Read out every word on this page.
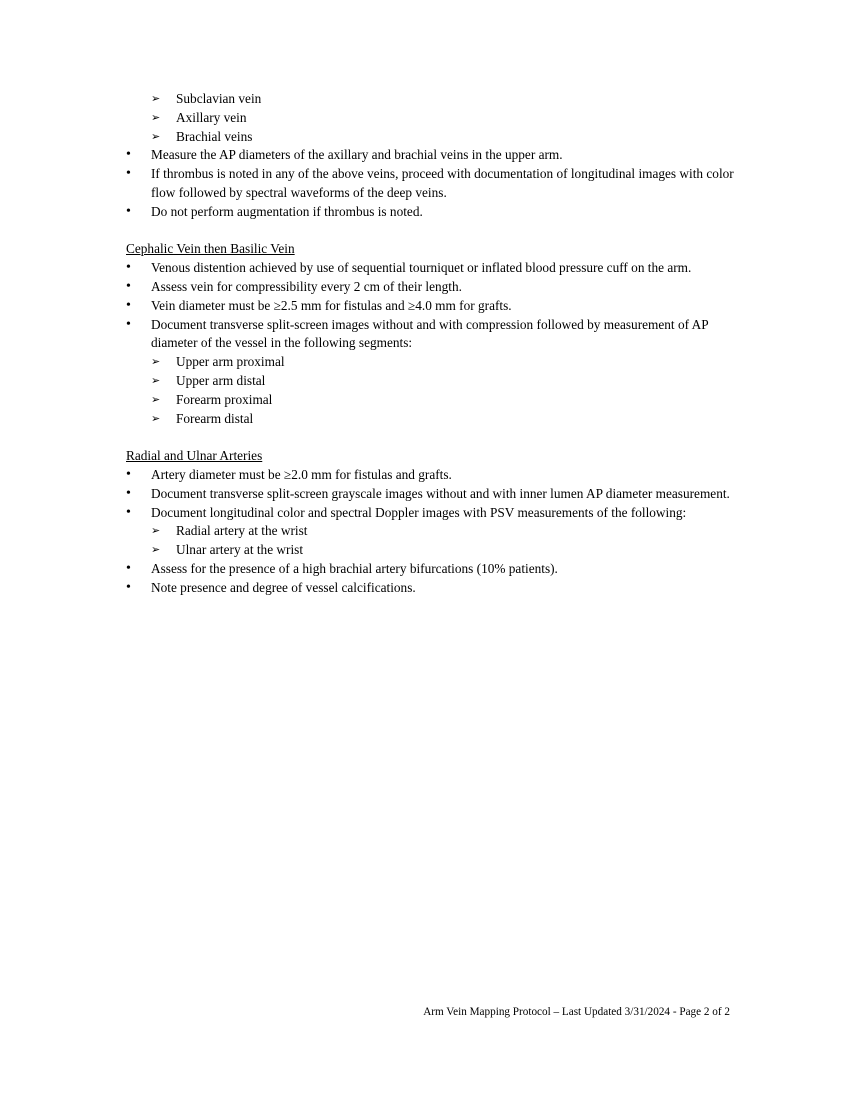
➢ Subclavian vein
➢ Axillary vein
➢ Brachial veins
• Measure the AP diameters of the axillary and brachial veins in the upper arm.
• If thrombus is noted in any of the above veins, proceed with documentation of longitudinal images with color flow followed by spectral waveforms of the deep veins.
• Do not perform augmentation if thrombus is noted.
Cephalic Vein then Basilic Vein
• Venous distention achieved by use of sequential tourniquet or inflated blood pressure cuff on the arm.
• Assess vein for compressibility every 2 cm of their length.
• Vein diameter must be ≥2.5 mm for fistulas and ≥4.0 mm for grafts.
• Document transverse split-screen images without and with compression followed by measurement of AP diameter of the vessel in the following segments:
➢ Upper arm proximal
➢ Upper arm distal
➢ Forearm proximal
➢ Forearm distal
Radial and Ulnar Arteries
• Artery diameter must be ≥2.0 mm for fistulas and grafts.
• Document transverse split-screen grayscale images without and with inner lumen AP diameter measurement.
• Document longitudinal color and spectral Doppler images with PSV measurements of the following:
➢ Radial artery at the wrist
➢ Ulnar artery at the wrist
• Assess for the presence of a high brachial artery bifurcations (10% patients).
• Note presence and degree of vessel calcifications.
Arm Vein Mapping Protocol – Last Updated 3/31/2024 - Page 2 of 2
